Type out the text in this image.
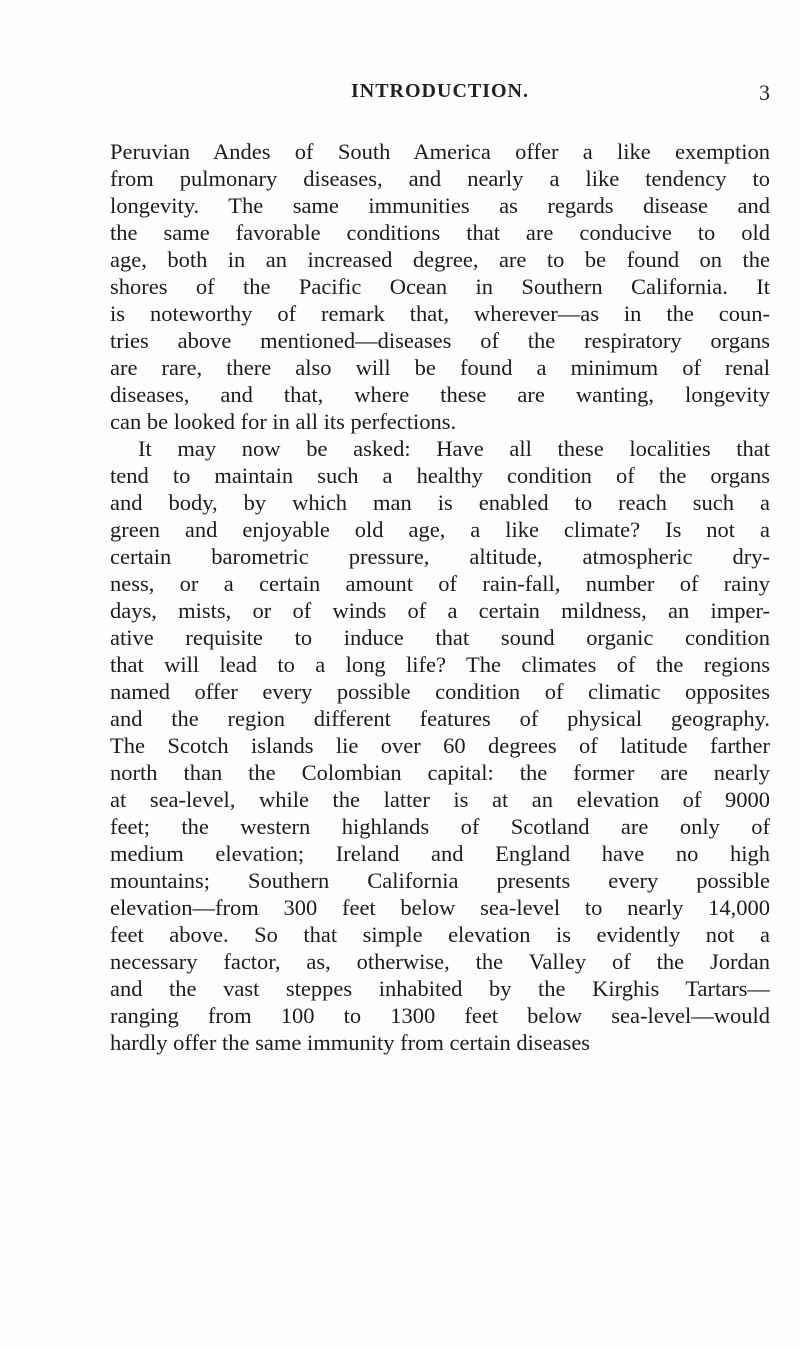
INTRODUCTION.	3
Peruvian Andes of South America offer a like exemption
from pulmonary diseases, and nearly a like tendency to
longevity. The same immunities as regards disease and
the same favorable conditions that are conducive to old
age, both in an increased degree, are to be found on the
shores of the Pacific Ocean in Southern California. It
is noteworthy of remark that, wherever—as in the coun-
tries above mentioned—diseases of the respiratory organs
are rare, there also will be found a minimum of renal
diseases, and that, where these are wanting, longevity
can be looked for in all its perfections.
It may now be asked: Have all these localities that
tend to maintain such a healthy condition of the organs
and body, by which man is enabled to reach such a
green and enjoyable old age, a like climate? Is not a
certain barometric pressure, altitude, atmospheric dry-
ness, or a certain amount of rain-fall, number of rainy
days, mists, or of winds of a certain mildness, an imper-
ative requisite to induce that sound organic condition
that will lead to a long life? The climates of the regions
named offer every possible condition of climatic opposites
and the region different features of physical geography.
The Scotch islands lie over 60 degrees of latitude farther
north than the Colombian capital: the former are nearly
at sea-level, while the latter is at an elevation of 9000
feet; the western highlands of Scotland are only of
medium elevation; Ireland and England have no high
mountains; Southern California presents every possible
elevation—from 300 feet below sea-level to nearly 14,000
feet above. So that simple elevation is evidently not a
necessary factor, as, otherwise, the Valley of the Jordan
and the vast steppes inhabited by the Kirghis Tartars—
ranging from 100 to 1300 feet below sea-level—would
hardly offer the same immunity from certain diseases
